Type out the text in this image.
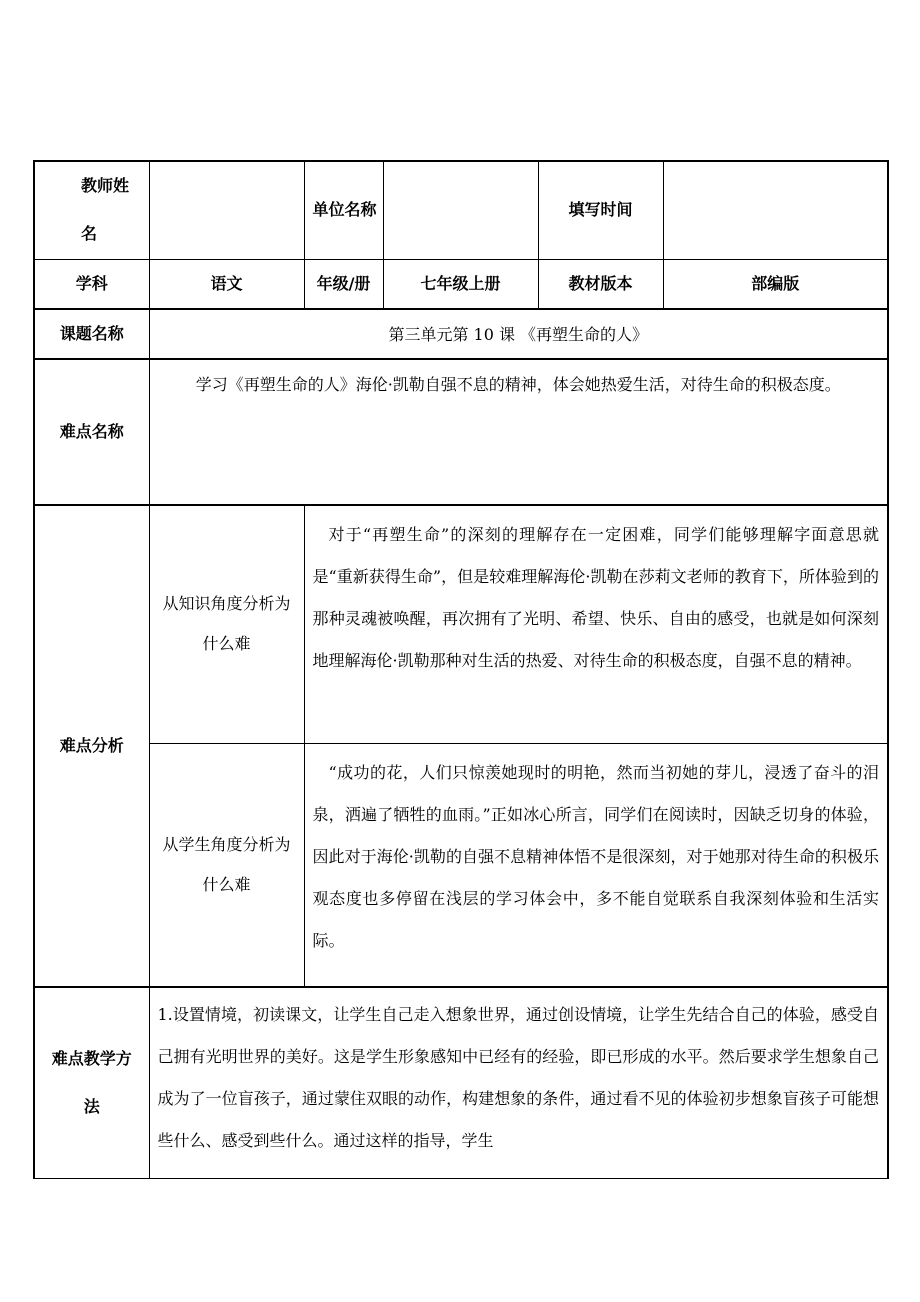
教师姓名		单位名称		填写时间	
学科	语文	年级/册	七年级上册	教材版本	部编版
课题名称	第三单元第 10 课 《再塑生命的人》				
难点名称	学习《再塑生命的人》海伦·凯勒自强不息的精神，体会她热爱生活，对待生命的积极态度。				

难点分析	从知识角度分析为什么难	对于“再塑生命”的深刻的理解存在一定困难，同学们能够理解字面意思就是“重新获得生命”，但是较难理解海伦·凯勒在莎莉文老师的教育下，所体验到的那种灵魂被唤醒，再次拥有了光明、希望、快乐、自由的感受，也就是如何深刻地理解海伦·凯勒那种对生活的热爱、对待生命的积极态度，自强不息的精神。			

	从学生角度分析为什么难	“成功的花，人们只惊羡她现时的明艳，然而当初她的芽儿，浸透了奋斗的泪泉，洒遍了牺牲的血雨。”正如冰心所言，同学们在阅读时，因缺乏切身的体验，因此对于海伦·凯勒的自强不息精神体悟不是很深刻，对于她那对待生命的积极乐观态度也多停留在浅层的学习体会中，多不能自觉联系自我深刻体验和生活实际。			

难点教学方法	1.设置情境，初读课文，让学生自己走入想象世界，通过创设情境，让学生先结合自己的体验，感受自己拥有光明世界的美好。这是学生形象感知中已经有的经验，即已形成的水平。然后要求学生想象自己成为了一位盲孩子，通过蒙住双眼的动作，构建想象的条件，通过看不见的体验初步想象盲孩子可能想些什么、感受到些什么。通过这样的指导，学生				
